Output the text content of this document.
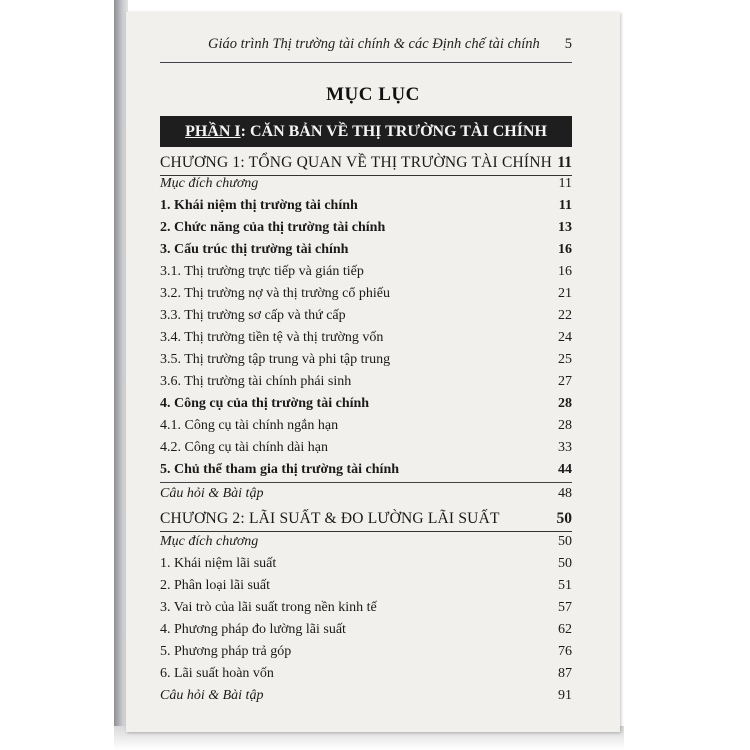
Giáo trình Thị trường tài chính & các Định chế tài chính 5
MỤC LỤC
PHẦN I: CĂN BẢN VỀ THỊ TRƯỜNG TÀI CHÍNH
CHƯƠNG 1: TỔNG QUAN VỀ THỊ TRƯỜNG TÀI CHÍNH 11
Mục đích chương	11
1. Khái niệm thị trường tài chính	11
2. Chức năng của thị trường tài chính	13
3. Cấu trúc thị trường tài chính	16
3.1. Thị trường trực tiếp và gián tiếp	16
3.2. Thị trường nợ và thị trường cổ phiếu	21
3.3. Thị trường sơ cấp và thứ cấp	22
3.4. Thị trường tiền tệ và thị trường vốn	24
3.5. Thị trường tập trung và phi tập trung	25
3.6. Thị trường tài chính phái sinh	27
4. Công cụ của thị trường tài chính	28
4.1. Công cụ tài chính ngắn hạn	28
4.2. Công cụ tài chính dài hạn	33
5. Chủ thể tham gia thị trường tài chính	44
Câu hỏi & Bài tập	48
CHƯƠNG 2: LÃI SUẤT & ĐO LƯỜNG LÃI SUẤT	50
Mục đích chương	50
1. Khái niệm lãi suất	50
2. Phân loại lãi suất	51
3. Vai trò của lãi suất trong nền kinh tế	57
4. Phương pháp đo lường lãi suất	62
5. Phương pháp trả góp	76
6. Lãi suất hoàn vốn	87
Câu hỏi & Bài tập	91
